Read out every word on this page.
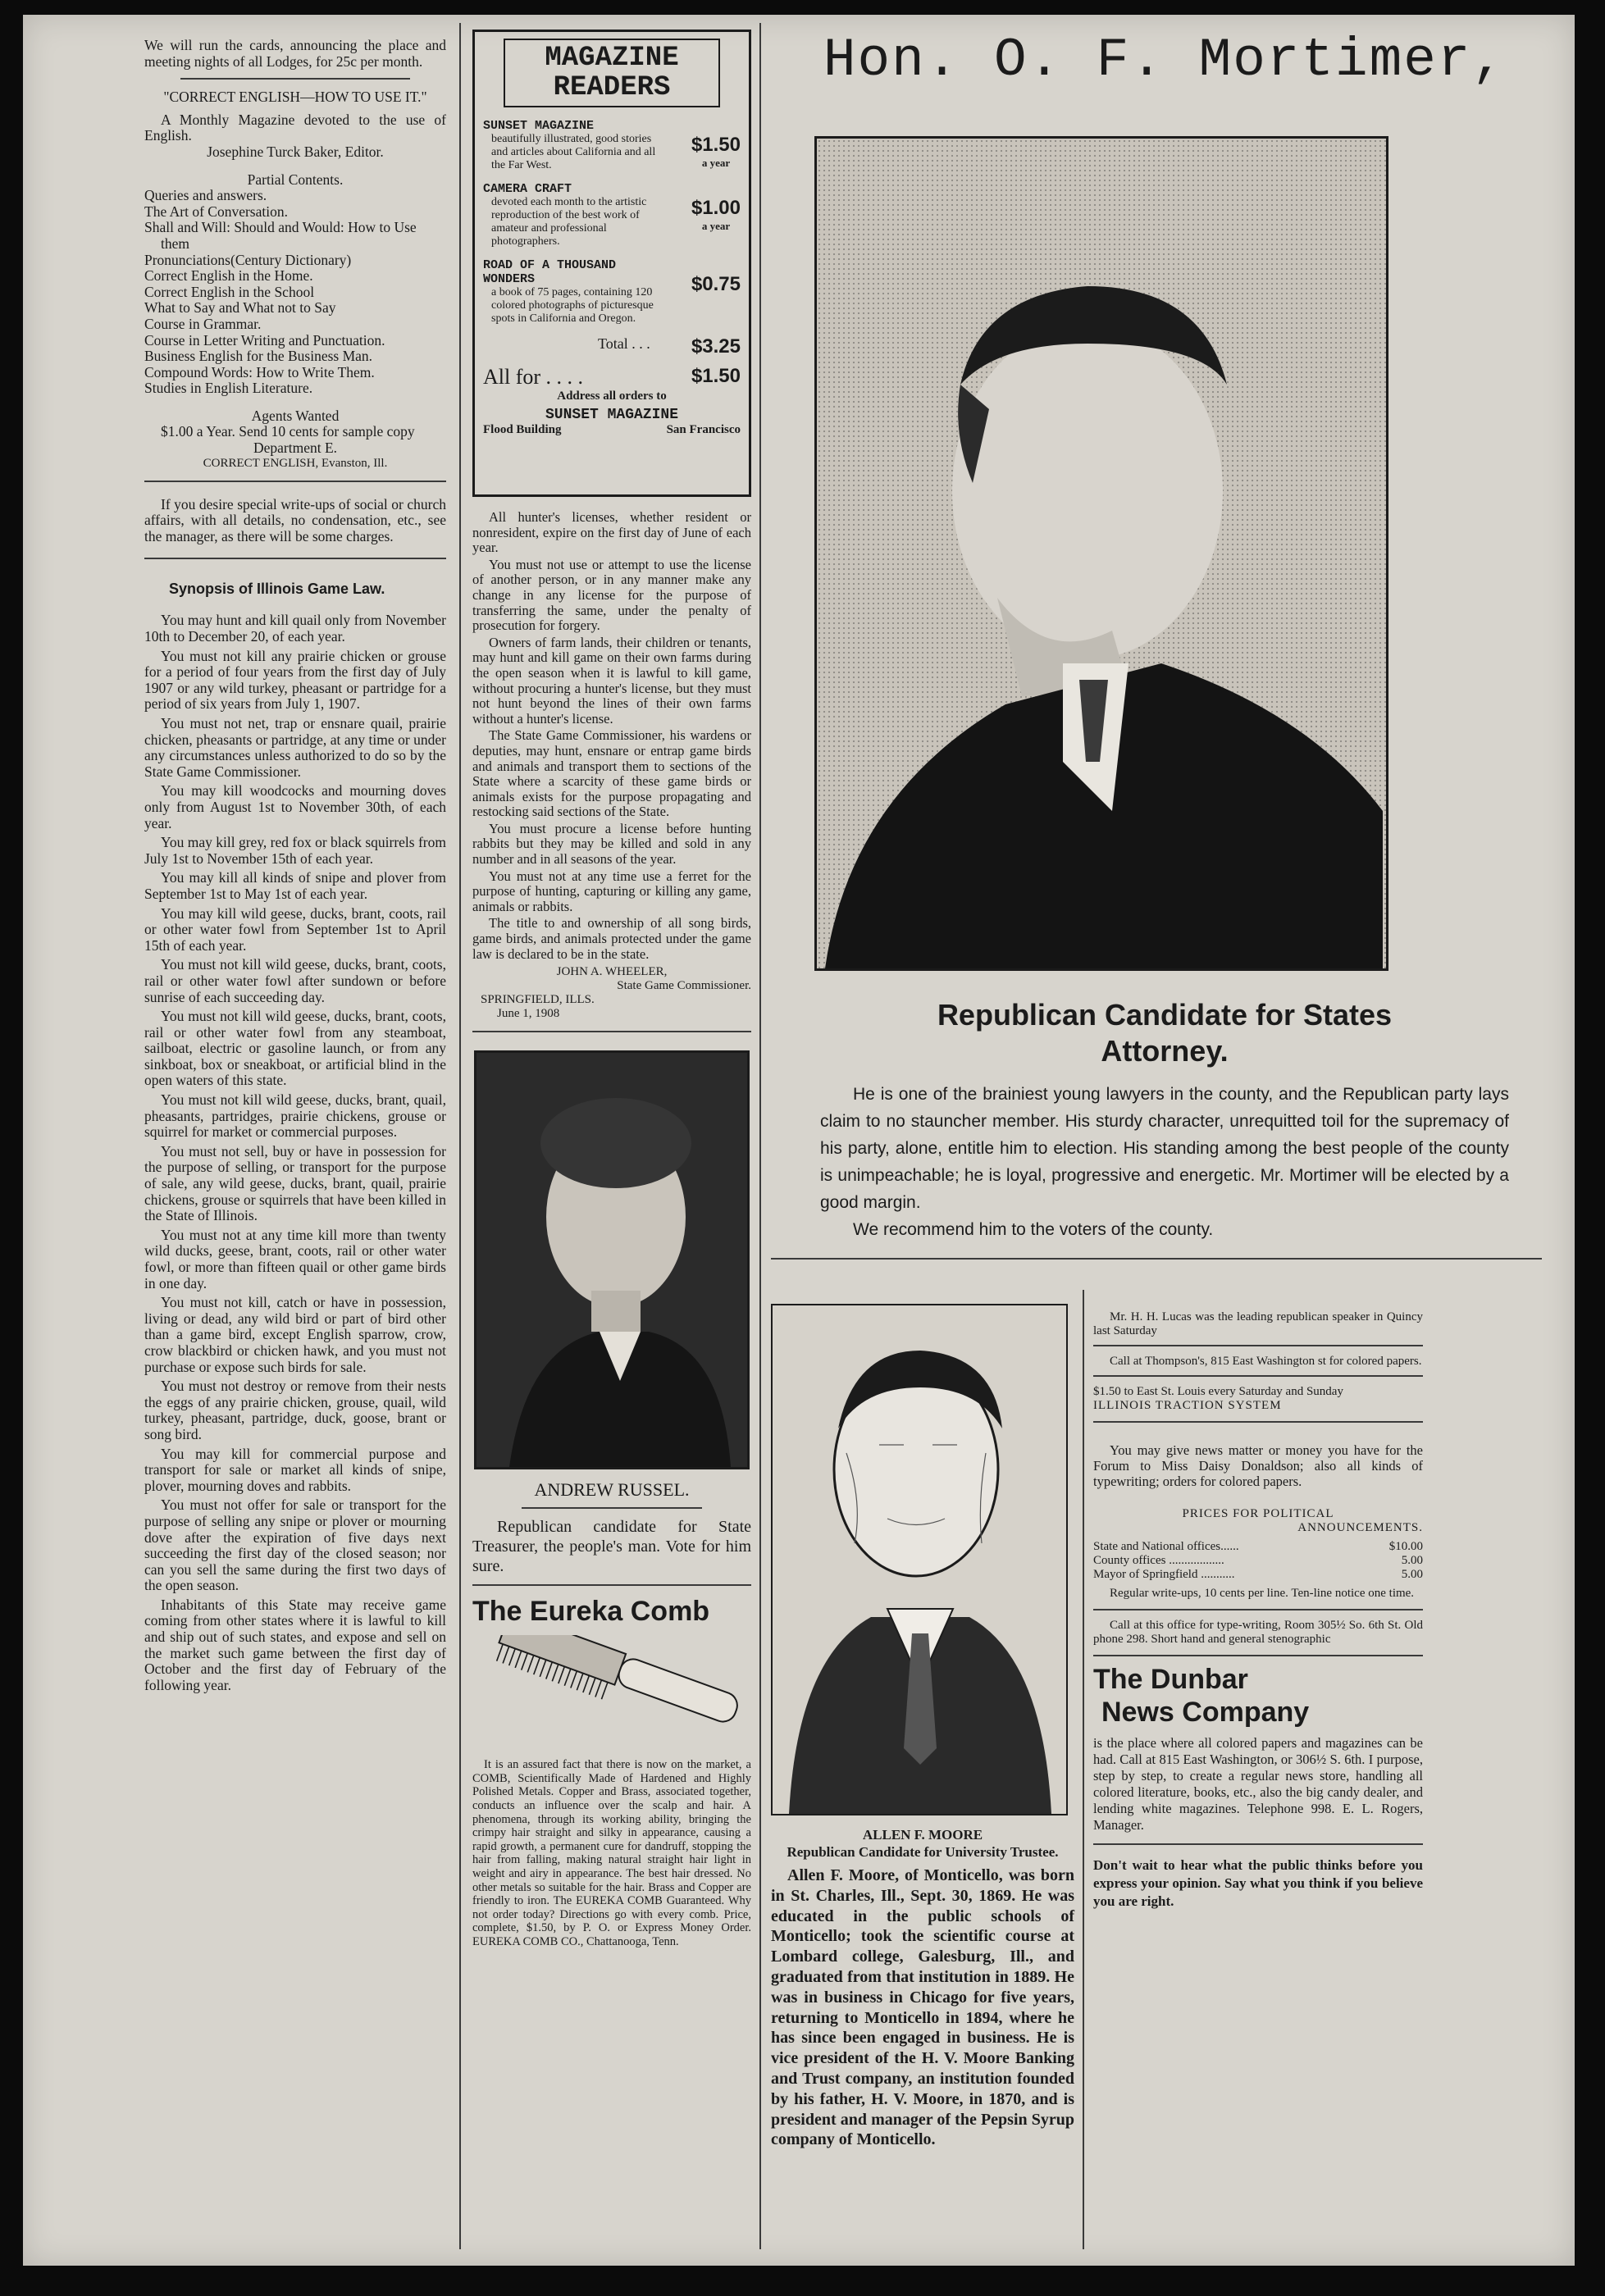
We will run the cards, announcing the place and meeting nights of all Lodges, for 25c per month.
"CORRECT ENGLISH—HOW TO USE IT."
A Monthly Magazine devoted to the use of English.
Josephine Turck Baker, Editor.
Partial Contents.
Queries and answers.
The Art of Conversation.
Shall and Will: Should and Would: How to Use them
Pronunciations(Century Dictionary)
Correct English in the Home.
Correct English in the School
What to Say and What not to Say
Course in Grammar.
Course in Letter Writing and Punctuation.
Business English for the Business Man.
Compound Words: How to Write Them.
Studies in English Literature.
Agents Wanted
$1.00 a Year. Send 10 cents for sample copy
Department E.
CORRECT ENGLISH, Evanston, Ill.
If you desire special write-ups of social or church affairs, with all details, no condensation, etc., see the manager, as there will be some charges.
Synopsis of Illinois Game Law.

You may hunt and kill quail only from November 10th to December 20, of each year.

You must not kill any prairie chicken or grouse for a period of four years from the first day of July 1907 or any wild turkey, pheasant or partridge for a period of six years from July 1, 1907.

You must not net, trap or ensnare quail, prairie chicken, pheasants or partridge, at any time or under any circumstances unless authorized to do so by the State Game Commissioner.

You may kill woodcocks and mourning doves only from August 1st to November 30th, of each year.

You may kill grey, red fox or black squirrels from July 1st to November 15th of each year.

You may kill all kinds of snipe and plover from September 1st to May 1st of each year.

You may kill wild geese, ducks, brant, coots, rail or other water fowl from September 1st to April 15th of each year.

You must not kill wild geese, ducks, brant, coots, rail or other water fowl after sundown or before sunrise of each succeeding day.

You must not kill wild geese, ducks, brant, coots, rail or other water fowl from any steamboat, sailboat, electric or gasoline launch, or from any sinkboat, box or sneakboat, or artificial blind in the open waters of this state.

You must not kill wild geese, ducks, brant, quail, pheasants, partridges, prairie chickens, grouse or squirrel for market or commercial purposes.

You must not sell, buy or have in possession for the purpose of selling, or transport for the purpose of sale, any wild geese, ducks, brant, quail, prairie chickens, grouse or squirrels that have been killed in the State of Illinois.

You must not at any time kill more than twenty wild ducks, geese, brant, coots, rail or other water fowl, or more than fifteen quail or other game birds in one day.

You must not kill, catch or have in possession, living or dead, any wild bird or part of bird other than a game bird, except English sparrow, crow, crow blackbird or chicken hawk, and you must not purchase or expose such birds for sale.

You must not destroy or remove from their nests the eggs of any prairie chicken, grouse, quail, wild turkey, pheasant, partridge, duck, goose, brant or song bird.

You may kill for commercial purpose and transport for sale or market all kinds of snipe, plover, mourning doves and rabbits.

You must not offer for sale or transport for the purpose of selling any snipe or plover or mourning dove after the expiration of five days next succeeding the first day of the closed season; nor can you sell the same during the first two days of the open season.

Inhabitants of this State may receive game coming from other states where it is lawful to kill and ship out of such states, and expose and sell on the market such game between the first day of October and the first day of February of the following year.

MAGAZINE
READERS
SUNSET MAGAZINE
beautifully illustrated, good stories and articles about California and all the Far West.
$1.50
a year
CAMERA CRAFT
devoted each month to the artistic reproduction of the best work of amateur and professional photographers.
$1.00
a year
ROAD OF A THOUSAND WONDERS
a book of 75 pages, containing 120 colored photographs of picturesque spots in California and Oregon.
$0.75
Total . . . $3.25
All for . . . .	$1.50
Address all orders to
SUNSET MAGAZINE
Flood Building	San Francisco

All hunter's licenses, whether resident or nonresident, expire on the first day of June of each year.

You must not use or attempt to use the license of another person, or in any manner make any change in any license for the purpose of transferring the same, under the penalty of prosecution for forgery.

Owners of farm lands, their children or tenants, may hunt and kill game on their own farms during the open season when it is lawful to kill game, without procuring a hunter's license, but they must not hunt beyond the lines of their own farms without a hunter's license.

The State Game Commissioner, his wardens or deputies, may hunt, ensnare or entrap game birds and animals and transport them to sections of the State where a scarcity of these game birds or animals exists for the purpose propagating and restocking said sections of the State.

You must procure a license before hunting rabbits but they may be killed and sold in any number and in all seasons of the year.

You must not at any time use a ferret for the purpose of hunting, capturing or killing any game, animals or rabbits.

The title to and ownership of all song birds, game birds, and animals protected under the game law is declared to be in the state.

JOHN A. WHEELER,
State Game Commissioner.
SPRINGFIELD, ILLS.
June 1, 1908
ANDREW RUSSEL.
Republican candidate for State Treasurer, the people's man. Vote for him sure.
The Eureka Comb
It is an assured fact that there is now on the market, a COMB, Scientifically Made of Hardened and Highly Polished Metals. Copper and Brass, associated together, conducts an influence over the scalp and hair. A phenomena, through its working ability, bringing the crimpy hair straight and silky in appearance, causing a rapid growth, a permanent cure for dandruff, stopping the hair from falling, making natural straight hair light in weight and airy in appearance. The best hair dressed. No other metals so suitable for the hair. Brass and Copper are friendly to iron. The EUREKA COMB Guaranteed. Why not order today? Directions go with every comb. Price, complete, $1.50, by P. O. or Express Money Order. EUREKA COMB CO., Chattanooga, Tenn.
Hon. O. F. Mortimer,
Republican Candidate for States
Attorney.
He is one of the brainiest young lawyers in the county, and the Republican party lays claim to no stauncher member. His sturdy character, unrequitted toil for the supremacy of his party, alone, entitle him to election. His standing among the best people of the county is unimpeachable; he is loyal, progressive and energetic. Mr. Mortimer will be elected by a good margin.
We recommend him to the voters of the county.
ALLEN F. MOORE
Republican Candidate for University Trustee.
Allen F. Moore, of Monticello, was born in St. Charles, Ill., Sept. 30, 1869. He was educated in the public schools of Monticello; took the scientific course at Lombard college, Galesburg, Ill., and graduated from that institution in 1889. He was in business in Chicago for five years, returning to Monticello in 1894, where he has since been engaged in business. He is vice president of the H. V. Moore Banking and Trust company, an institution founded by his father, H. V. Moore, in 1870, and is president and manager of the Pepsin Syrup company of Monticello.
Mr. H. H. Lucas was the leading republican speaker in Quincy last Saturday
Call at Thompson's, 815 East Washington st for colored papers.
$1.50 to East St. Louis every Saturday and Sunday
ILLINOIS TRACTION SYSTEM
You may give news matter or money you have for the Forum to Miss Daisy Donaldson; also all kinds of typewriting; orders for colored papers.
PRICES FOR POLITICAL
ANNOUNCEMENTS.
State and National offices......	$10.00
County offices ..................	5.00
Mayor of Springfield ...........	5.00
Regular write-ups, 10 cents per line. Ten-line notice one time.
Call at this office for type-writing, Room 305½ So. 6th St. Old phone 298. Short hand and general stenographic
The Dunbar
News Company
is the place where all colored papers and magazines can be had. Call at 815 East Washington, or 306½ S. 6th. I purpose, step by step, to create a regular news store, handling all colored literature, books, etc., also the big candy dealer, and lending white magazines. Telephone 998. E. L. Rogers, Manager.
Don't wait to hear what the public thinks before you express your opinion. Say what you think if you believe you are right.
